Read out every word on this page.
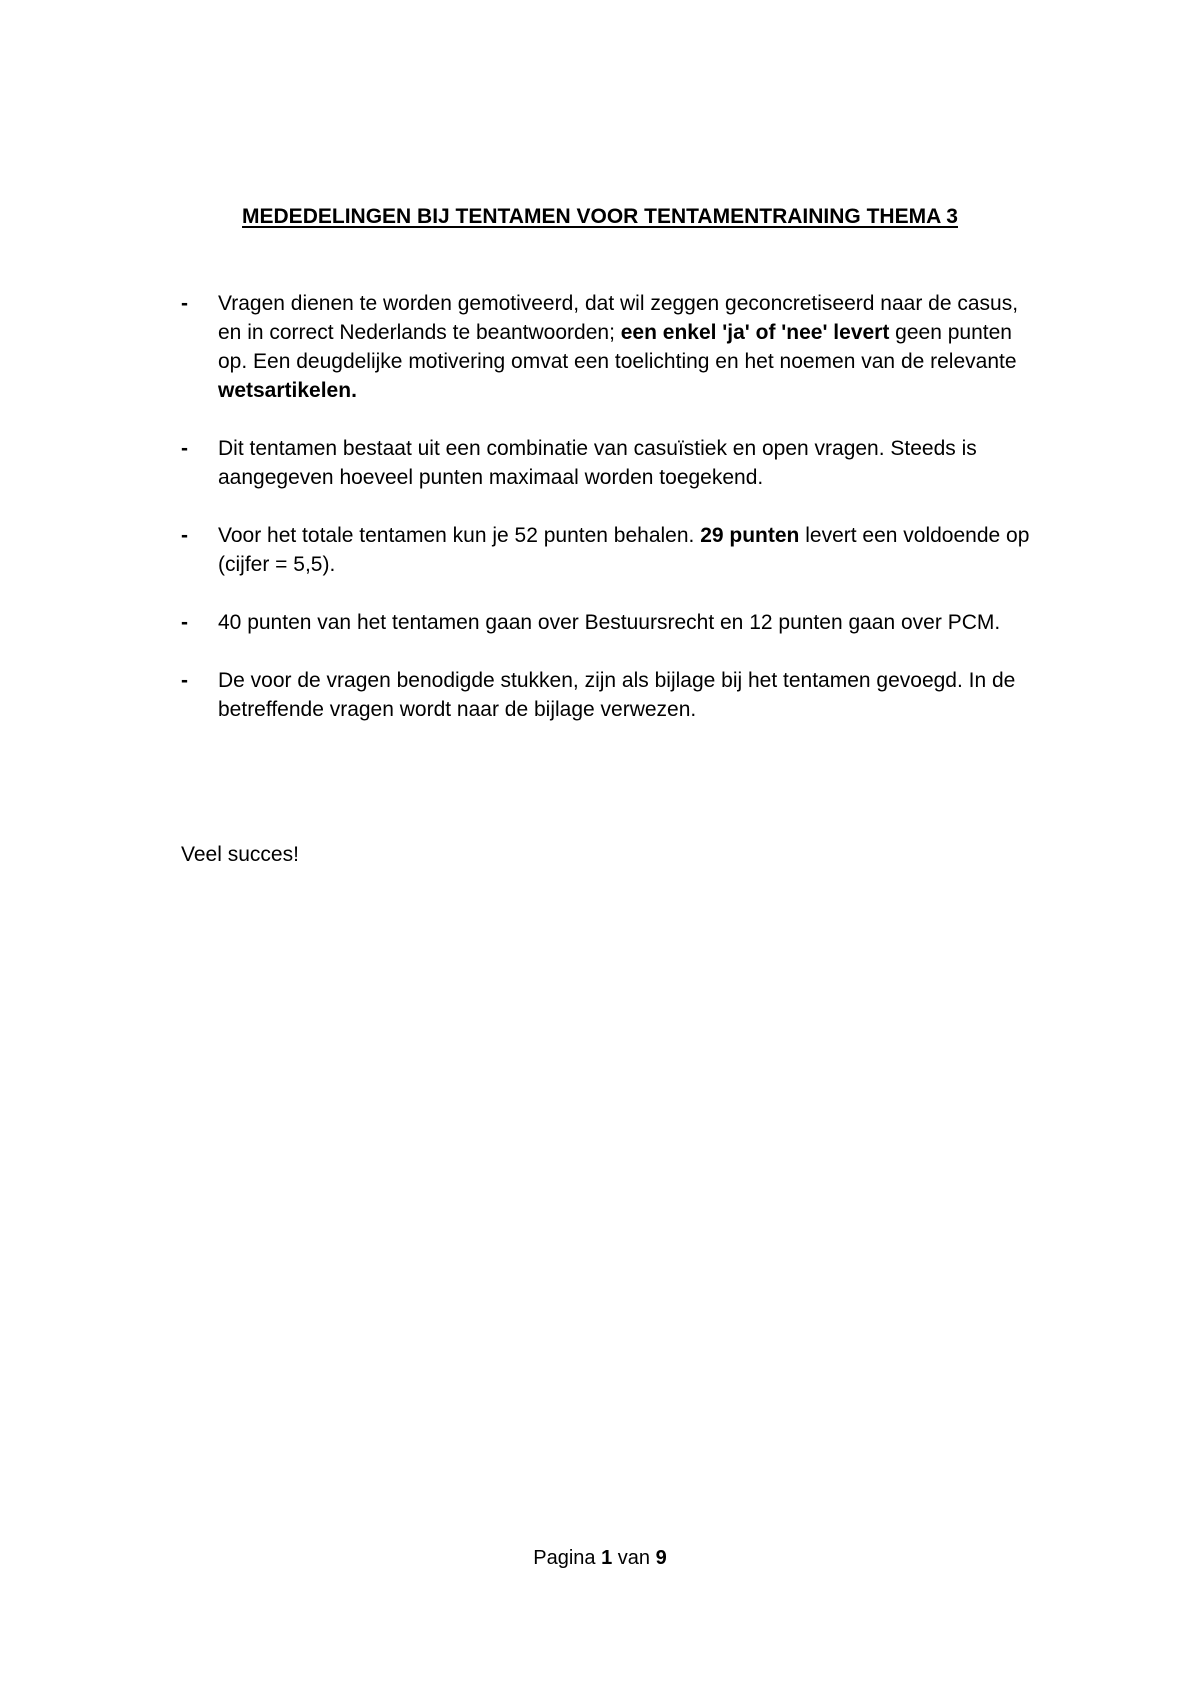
MEDEDELINGEN BIJ TENTAMEN VOOR TENTAMENTRAINING THEMA 3
- Vragen dienen te worden gemotiveerd, dat wil zeggen geconcretiseerd naar de casus, en in correct Nederlands te beantwoorden; een enkel 'ja' of 'nee' levert geen punten op. Een deugdelijke motivering omvat een toelichting en het noemen van de relevante wetsartikelen.

- Dit tentamen bestaat uit een combinatie van casuïstiek en open vragen. Steeds is aangegeven hoeveel punten maximaal worden toegekend.

- Voor het totale tentamen kun je 52 punten behalen. 29 punten levert een voldoende op (cijfer = 5,5).

- 40 punten van het tentamen gaan over Bestuursrecht en 12 punten gaan over PCM.

- De voor de vragen benodigde stukken, zijn als bijlage bij het tentamen gevoegd. In de betreffende vragen wordt naar de bijlage verwezen.

Veel succes!

Pagina 1 van 9
